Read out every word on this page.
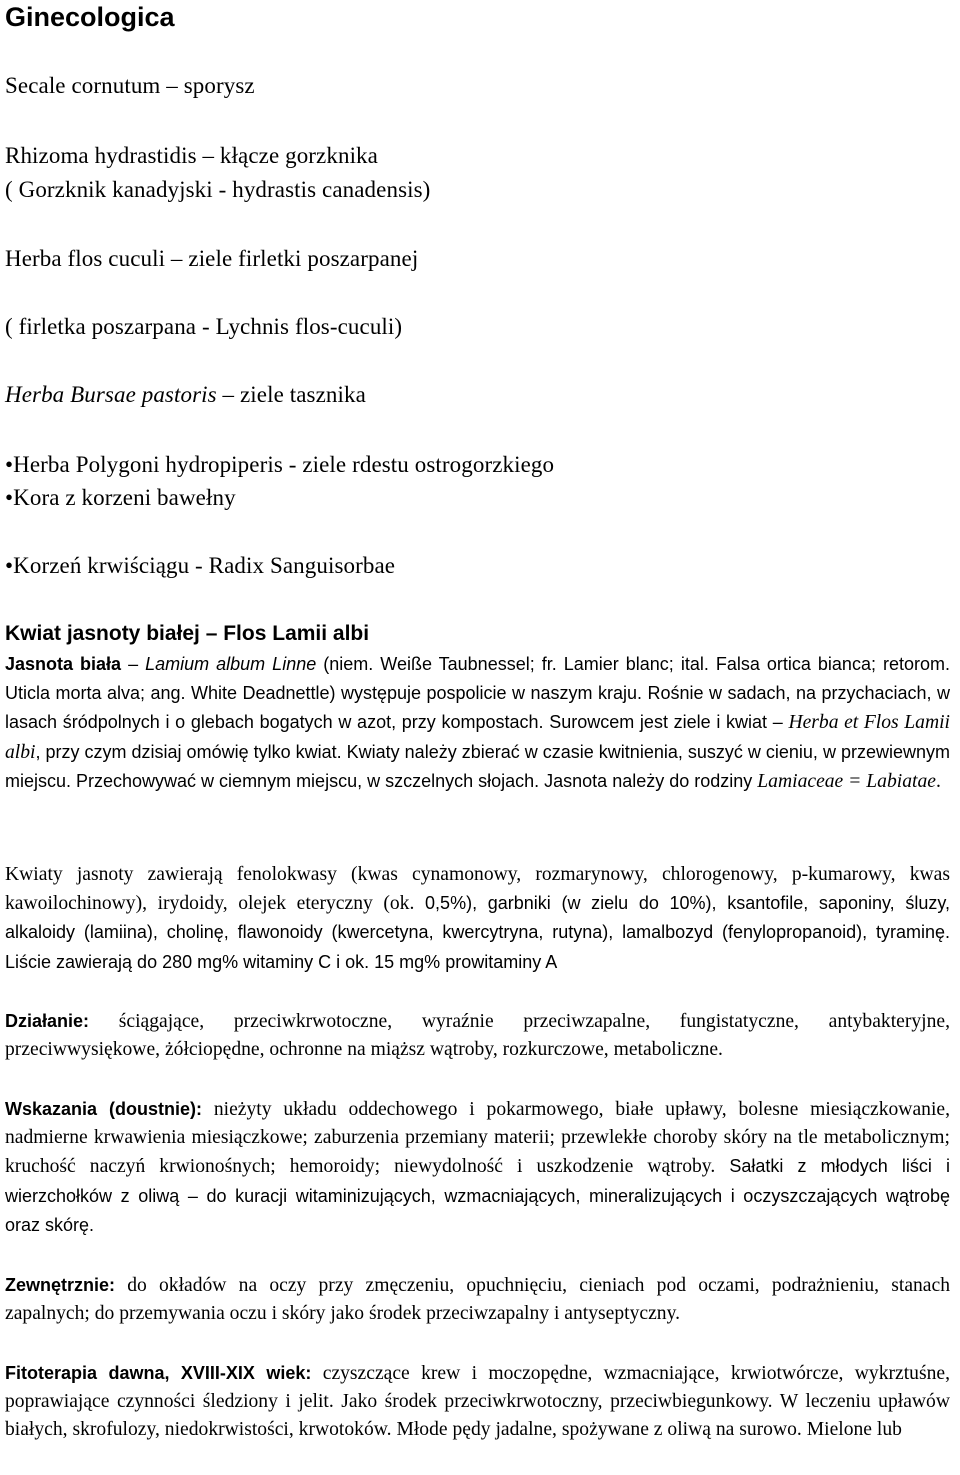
Ginecologica

Secale cornutum – sporysz

Rhizoma hydrastidis – kłącze gorzknika

( Gorzknik kanadyjski - hydrastis canadensis)

Herba flos cuculi – ziele firletki poszarpanej

( firletka poszarpana - Lychnis flos-cuculi)

Herba Bursae pastoris – ziele tasznika

•Herba Polygoni hydropiperis - ziele rdestu ostrogorzkiego

•Kora z korzeni bawełny

•Korzeń krwiściągu - Radix Sanguisorbae

Kwiat jasnoty białej – Flos Lamii albi

Jasnota biała – Lamium album Linne (niem. Weiße Taubnessel; fr. Lamier blanc; ital. Falsa ortica bianca; retorom. Uticla morta alva; ang. White Deadnettle) występuje pospolicie w naszym kraju. Rośnie w sadach, na przychaciach, w lasach śródpolnych i o glebach bogatych w azot, przy kompostach. Surowcem jest ziele i kwiat – Herba et Flos Lamii albi, przy czym dzisiaj omówię tylko kwiat. Kwiaty należy zbierać w czasie kwitnienia, suszyć w cieniu, w przewiewnym miejscu. Przechowywać w ciemnym miejscu, w szczelnych słojach. Jasnota należy do rodziny Lamiaceae = Labiatae.

Kwiaty jasnoty zawierają fenolokwasy (kwas cynamonowy, rozmarynowy, chlorogenowy, p-kumarowy, kwas kawoilochinowy), irydoidy, olejek eteryczny (ok. 0,5%), garbniki (w zielu do 10%), ksantofile, saponiny, śluzy, alkaloidy (lamiina), cholinę, flawonoidy (kwercetyna, kwercytryna, rutyna), lamalbozyd (fenylopropanoid), tyraminę. Liście zawierają do 280 mg% witaminy C i ok. 15 mg% prowitaminy A

Działanie: ściągające, przeciwkrwotoczne, wyraźnie przeciwzapalne, fungistatyczne, antybakteryjne, przeciwwysiękowe, żółciopędne, ochronne na miąższ wątroby, rozkurczowe, metaboliczne.

Wskazania (doustnie): nieżyty układu oddechowego i pokarmowego, białe upławy, bolesne miesiączkowanie, nadmierne krwawienia miesiączkowe; zaburzenia przemiany materii; przewlekłe choroby skóry na tle metabolicznym; kruchość naczyń krwionośnych; hemoroidy; niewydolność i uszkodzenie wątroby. Sałatki z młodych liści i wierzchołków z oliwą – do kuracji witaminizujących, wzmacniających, mineralizujących i oczyszczających wątrobę oraz skórę.

Zewnętrznie: do okładów na oczy przy zmęczeniu, opuchnięciu, cieniach pod oczami, podrażnieniu, stanach zapalnych; do przemywania oczu i skóry jako środek przeciwzapalny i antyseptyczny.

Fitoterapia dawna, XVIII-XIX wiek: czyszczące krew i moczopędne, wzmacniające, krwiotwórcze, wykrztuśne, poprawiające czynności śledziony i jelit. Jako środek przeciwkrwotoczny, przeciwbiegunkowy. W leczeniu upławów białych, skrofulozy, niedokrwistości, krwotoków. Młode pędy jadalne, spożywane z oliwą na surowo. Mielone lub
